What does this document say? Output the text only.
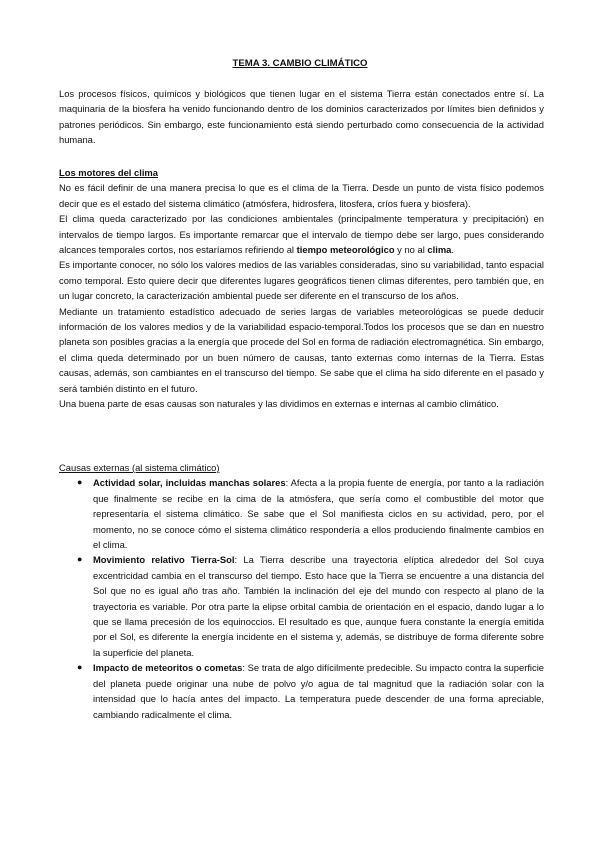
TEMA 3. CAMBIO CLIMÁTICO

Los procesos físicos, químicos y biológicos que tienen lugar en el sistema Tierra están conectados entre sí. La maquinaria de la biosfera ha venido funcionando dentro de los dominios caracterizados por límites bien definidos y patrones periódicos. Sin embargo, este funcionamiento está siendo perturbado como consecuencia de la actividad humana.

Los motores del clima

No es fácil definir de una manera precisa lo que es el clima de la Tierra. Desde un punto de vista físico podemos decir que es el estado del sistema climático (atmósfera, hidrosfera, litosfera, críos fuera y biosfera).

El clima queda caracterizado por las condiciones ambientales (principalmente temperatura y precipitación) en intervalos de tiempo largos. Es importante remarcar que el intervalo de tiempo debe ser largo, pues considerando alcances temporales cortos, nos estaríamos refiriendo al tiempo meteorológico y no al clima.

Es importante conocer, no sólo los valores medios de las variables consideradas, sino su variabilidad, tanto espacial como temporal. Esto quiere decir que diferentes lugares geográficos tienen climas diferentes, pero también que, en un lugar concreto, la caracterización ambiental puede ser diferente en el transcurso de los años.

Mediante un tratamiento estadístico adecuado de series largas de variables meteorológicas se puede deducir información de los valores medios y de la variabilidad espacio-temporal.Todos los procesos que se dan en nuestro planeta son posibles gracias a la energía que procede del Sol en forma de radiación electromagnética. Sin embargo, el clima queda determinado por un buen número de causas, tanto externas como internas de la Tierra. Estas causas, además, son cambiantes en el transcurso del tiempo. Se sabe que el clima ha sido diferente en el pasado y será también distinto en el futuro.

Una buena parte de esas causas son naturales y las dividimos en externas e internas al cambio climático.

Causas externas (al sistema climático)

● Actividad solar, incluidas manchas solares: Afecta a la propia fuente de energía, por tanto a la radiación que finalmente se recibe en la cima de la atmósfera, que sería como el combustible del motor que representaría el sistema climático. Se sabe que el Sol manifiesta ciclos en su actividad, pero, por el momento, no se conoce cómo el sistema climático respondería a ellos produciendo finalmente cambios en el clima.
● Movimiento relativo Tierra-Sol: La Tierra describe una trayectoria elíptica alrededor del Sol cuya excentricidad cambia en el transcurso del tiempo. Esto hace que la Tierra se encuentre a una distancia del Sol que no es igual año tras año. También la inclinación del eje del mundo con respecto al plano de la trayectoria es variable. Por otra parte la elipse orbital cambia de orientación en el espacio, dando lugar a lo que se llama precesión de los equinoccios. El resultado es que, aunque fuera constante la energía emitida por el Sol, es diferente la energía incidente en el sistema y, además, se distribuye de forma diferente sobre la superficie del planeta.
● Impacto de meteoritos o cometas: Se trata de algo difícilmente predecible. Su impacto contra la superficie del planeta puede originar una nube de polvo y/o agua de tal magnitud que la radiación solar con la intensidad que lo hacía antes del impacto. La temperatura puede descender de una forma apreciable, cambiando radicalmente el clima.
